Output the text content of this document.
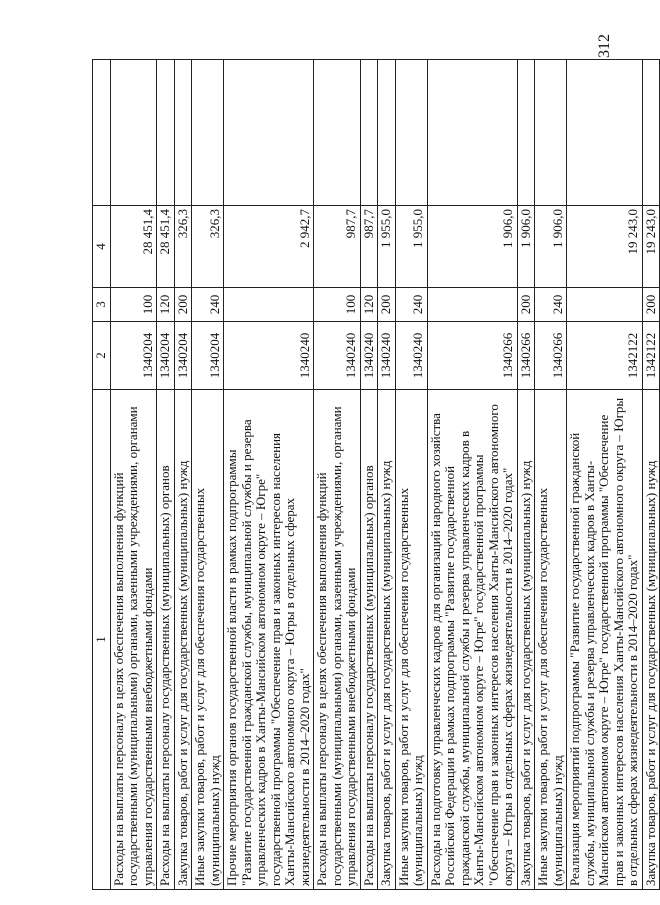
312
1	2	3	4	
Расходы на выплаты персоналу в целях обеспечения выполнения функций государственными (муниципальными) органами, казенными учреждениями, органами управления государственными внебюджетными фондами	1340204	100	28 451,4	
Расходы на выплаты персоналу государственных (муниципальных) органов	1340204	120	28 451,4	
Закупка товаров, работ и услуг для государственных (муниципальных) нужд	1340204	200	326,3	
Иные закупки товаров, работ и услуг для обеспечения государственных (муниципальных) нужд	1340204	240	326,3	
Прочие мероприятия органов государственной власти в рамках подпрограммы "Развитие государственной гражданской службы, муниципальной службы и резерва управленческих кадров в Ханты-Мансийском автономном округе – Югре" государственной программы "Обеспечение прав и законных интересов населения Ханты-Мансийского автономного округа – Югры в отдельных сферах жизнедеятельности в 2014–2020 годах"	1340240		2 942,7	
Расходы на выплаты персоналу в целях обеспечения выполнения функций государственными (муниципальными) органами, казенными учреждениями, органами управления государственными внебюджетными фондами	1340240	100	987,7	
Расходы на выплаты персоналу государственных (муниципальных) органов	1340240	120	987,7	
Закупка товаров, работ и услуг для государственных (муниципальных) нужд	1340240	200	1 955,0	
Иные закупки товаров, работ и услуг для обеспечения государственных (муниципальных) нужд	1340240	240	1 955,0	
Расходы на подготовку управленческих кадров для организаций народного хозяйства Российской Федерации в рамках подпрограммы "Развитие государственной гражданской службы, муниципальной службы и резерва управленческих кадров в Ханты-Мансийском автономном округе – Югре" государственной программы "Обеспечение прав и законных интересов населения Ханты-Мансийского автономного округа – Югры в отдельных сферах жизнедеятельности в 2014–2020 годах"	1340266		1 906,0	
Закупка товаров, работ и услуг для государственных (муниципальных) нужд	1340266	200	1 906,0	
Иные закупки товаров, работ и услуг для обеспечения государственных (муниципальных) нужд	1340266	240	1 906,0	
Реализация мероприятий подпрограммы "Развитие государственной гражданской службы, муниципальной службы и резерва управленческих кадров в Ханты-Мансийском автономном округе – Югре" государственной программы "Обеспечение прав и законных интересов населения Ханты-Мансийского автономного округа – Югры в отдельных сферах жизнедеятельности в 2014–2020 годах"	1342122		19 243,0	
Закупка товаров, работ и услуг для государственных (муниципальных) нужд	1342122	200	19 243,0	
